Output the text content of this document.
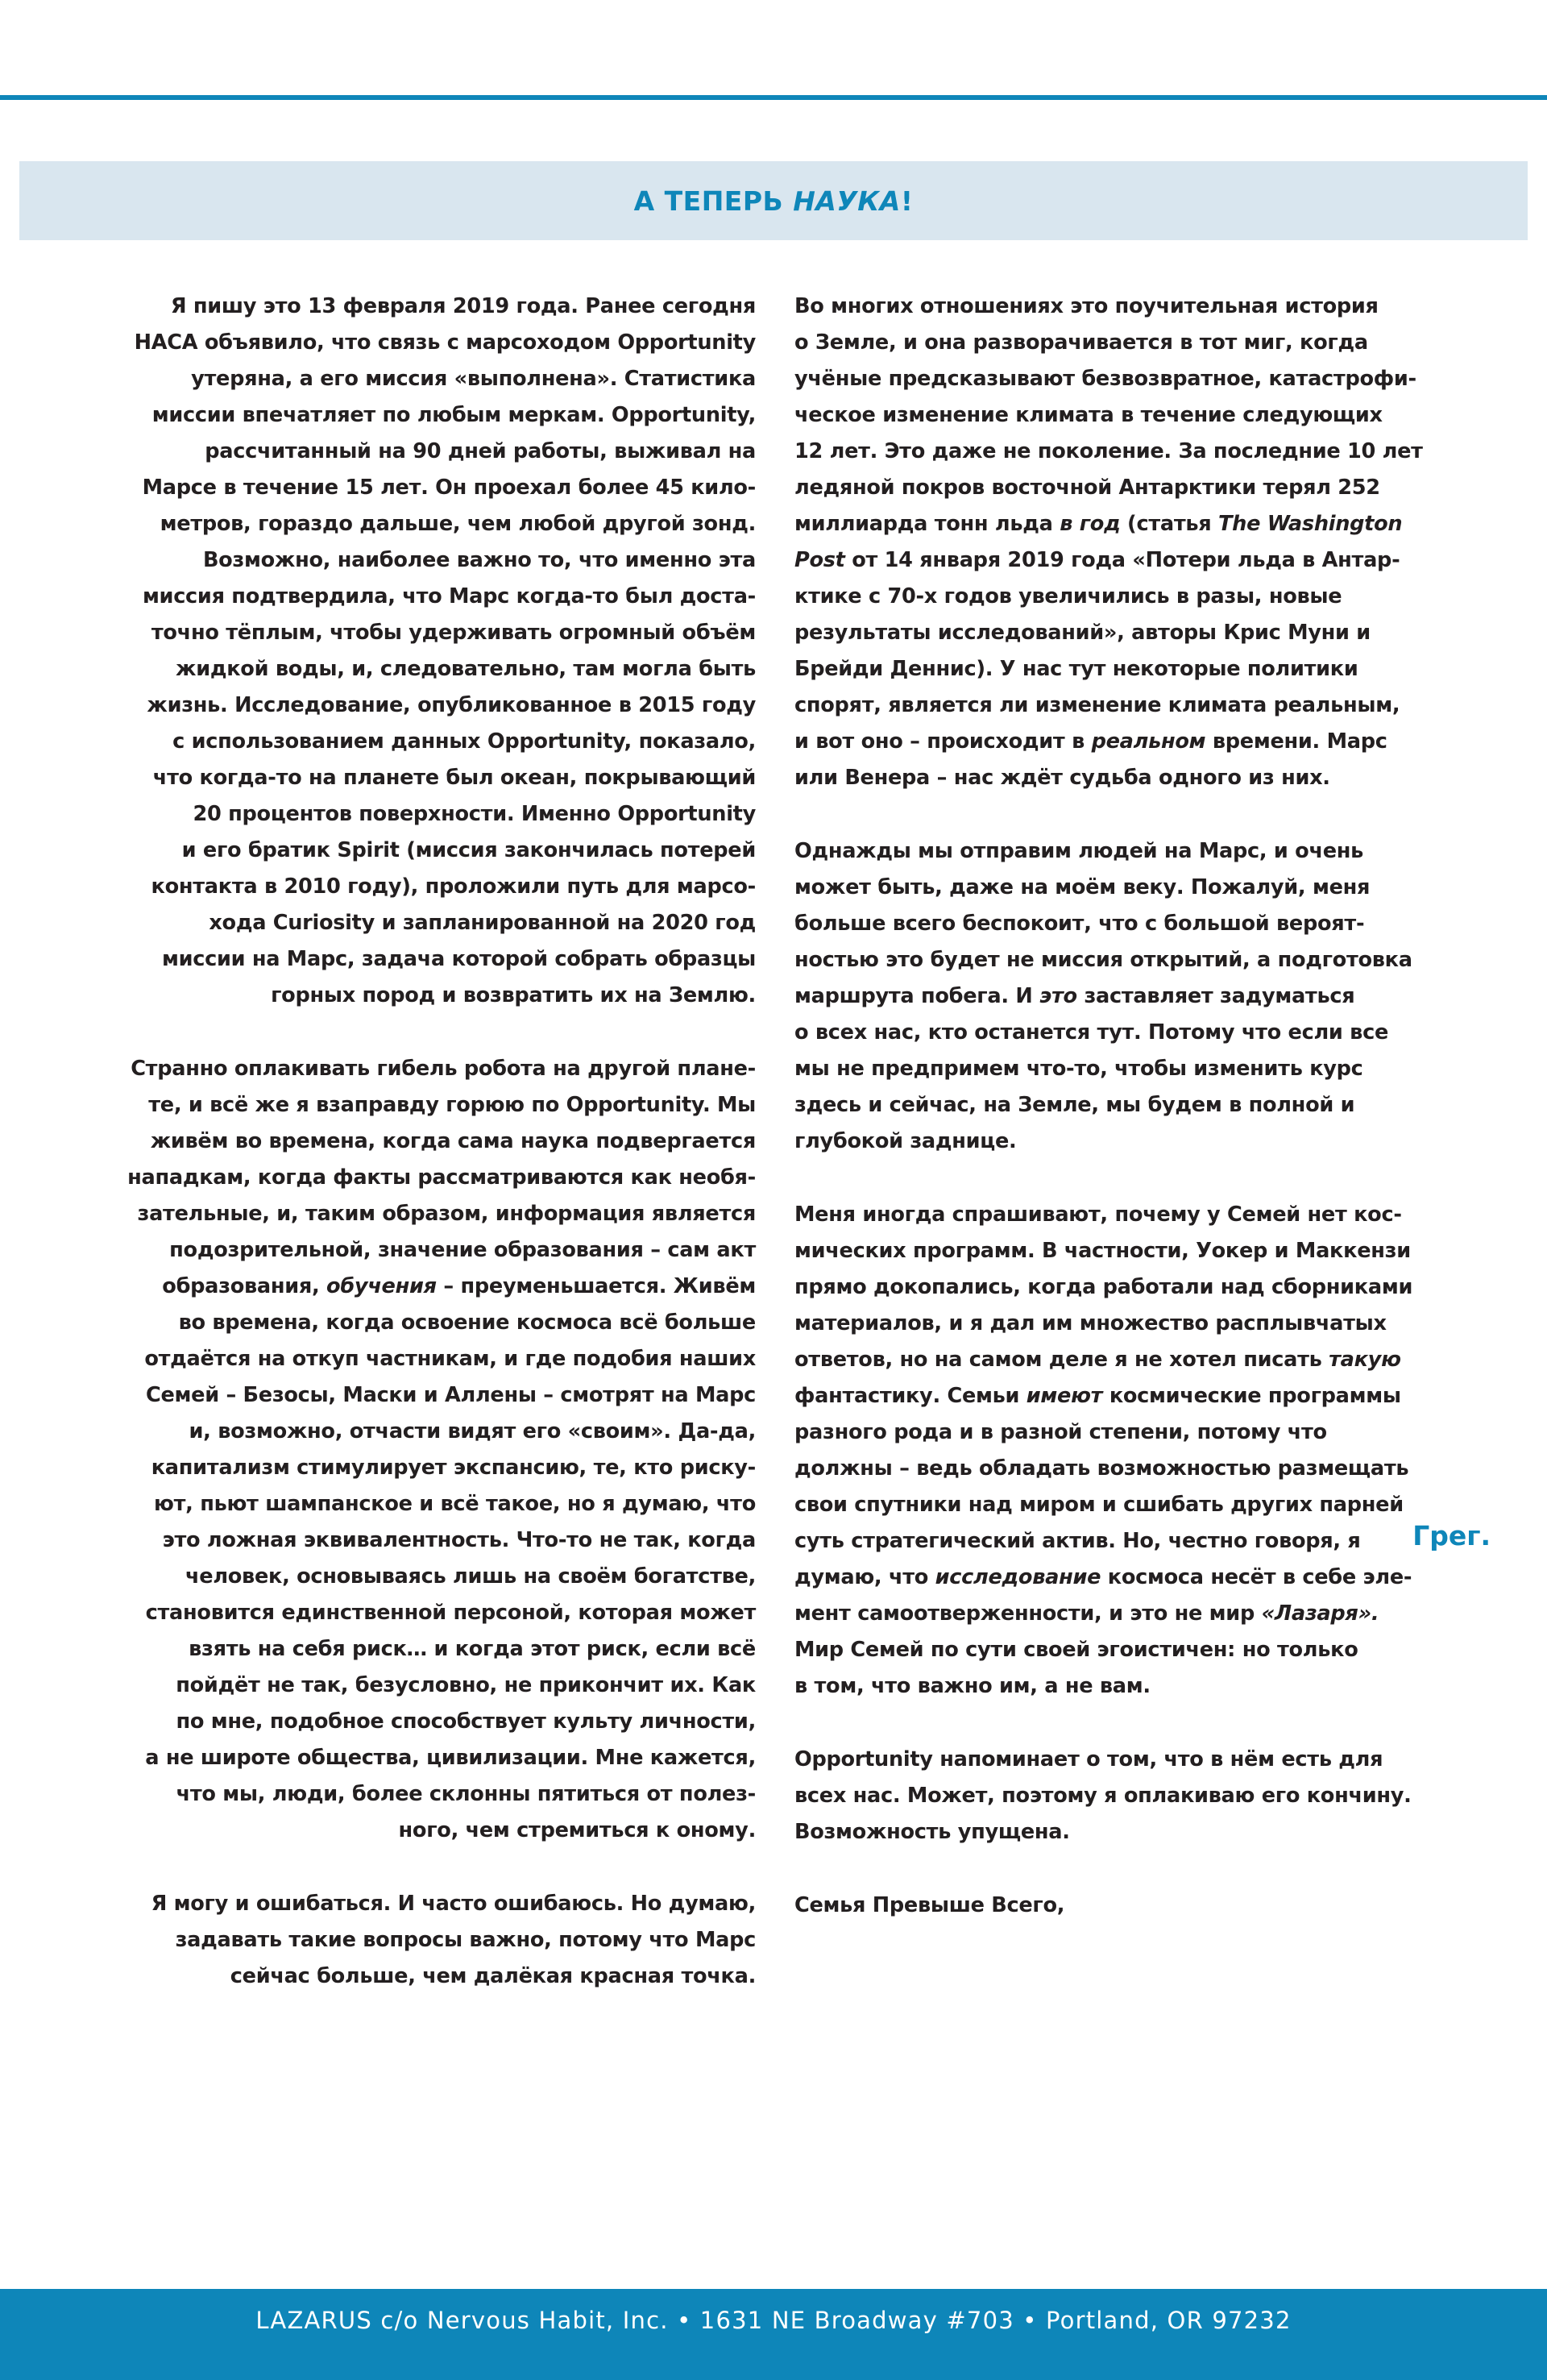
А ТЕПЕРЬ НАУКА!

Я пишу это 13 февраля 2019 года. Ранее сегодня

НАСА объявило, что связь с марсоходом Opportunity

утеряна, а его миссия «выполнена». Статистика

миссии впечатляет по любым меркам. Opportunity,

рассчитанный на 90 дней работы, выживал на

Марсе в течение 15 лет. Он проехал более 45 кило-

метров, гораздо дальше, чем любой другой зонд.

Возможно, наиболее важно то, что именно эта

миссия подтвердила, что Марс когда-то был доста-

точно тёплым, чтобы удерживать огромный объём

жидкой воды, и, следовательно, там могла быть

жизнь. Исследование, опубликованное в 2015 году

с использованием данных Opportunity, показало,

что когда-то на планете был океан, покрывающий

20 процентов поверхности. Именно Opportunity

и его братик Spirit (миссия закончилась потерей

контакта в 2010 году), проложили путь для марсо-

хода Curiosity и запланированной на 2020 год

миссии на Марс, задача которой собрать образцы

горных пород и возвратить их на Землю.

Странно оплакивать гибель робота на другой плане-

те, и всё же я взаправду горюю по Opportunity. Мы

живём во времена, когда сама наука подвергается

нападкам, когда факты рассматриваются как необя-

зательные, и, таким образом, информация является

подозрительной, значение образования – сам акт

образования, обучения – преуменьшается. Живём

во времена, когда освоение космоса всё больше

отдаётся на откуп частникам, и где подобия наших

Семей – Безосы, Маски и Аллены – смотрят на Марс

и, возможно, отчасти видят его «своим». Да-да,

капитализм стимулирует экспансию, те, кто риску-

ют, пьют шампанское и всё такое, но я думаю, что

это ложная эквивалентность. Что-то не так, когда

человек, основываясь лишь на своём богатстве,

становится единственной персоной, которая может

взять на себя риск… и когда этот риск, если всё

пойдёт не так, безусловно, не прикончит их. Как

по мне, подобное способствует культу личности,

а не широте общества, цивилизации. Мне кажется,

что мы, люди, более склонны пятиться от полез-

ного, чем стремиться к оному.

Я могу и ошибаться. И часто ошибаюсь. Но думаю,

задавать такие вопросы важно, потому что Марс

сейчас больше, чем далёкая красная точка.

Во многих отношениях это поучительная история

о Земле, и она разворачивается в тот миг, когда

учёные предсказывают безвозвратное, катастрофи-

ческое изменение климата в течение следующих

12 лет. Это даже не поколение. За последние 10 лет

ледяной покров восточной Антарктики терял 252

миллиарда тонн льда в год (статья The Washington

Post от 14 января 2019 года «Потери льда в Антар-

ктике с 70-х годов увеличились в разы, новые

результаты исследований», авторы Крис Муни и

Брейди Деннис). У нас тут некоторые политики

спорят, является ли изменение климата реальным,

и вот оно – происходит в реальном времени. Марс

или Венера – нас ждёт судьба одного из них.

Однажды мы отправим людей на Марс, и очень

может быть, даже на моём веку. Пожалуй, меня

больше всего беспокоит, что с большой вероят-

ностью это будет не миссия открытий, а подготовка

маршрута побега. И это заставляет задуматься

о всех нас, кто останется тут. Потому что если все

мы не предпримем что-то, чтобы изменить курс

здесь и сейчас, на Земле, мы будем в полной и

глубокой заднице.

Меня иногда спрашивают, почему у Семей нет кос-

мических программ. В частности, Уокер и Маккензи

прямо докопались, когда работали над сборниками

материалов, и я дал им множество расплывчатых

ответов, но на самом деле я не хотел писать такую

фантастику. Семьи имеют космические программы

разного рода и в разной степени, потому что

должны – ведь обладать возможностью размещать

свои спутники над миром и сшибать других парней

суть стратегический актив. Но, честно говоря, я

думаю, что исследование космоса несёт в себе элe-

мент самоотверженности, и это не мир «Лазаря».

Мир Семей по сути своей эгоистичен: но только

в том, что важно им, а не вам.

Opportunity напоминает о том, что в нём есть для

всех нас. Может, поэтому я оплакиваю его кончину.

Возможность упущена.

Семья Превыше Всего,

Грег.
LAZARUS c/o Nervous Habit, Inc. • 1631 NE Broadway #703 • Portland, OR 97232
